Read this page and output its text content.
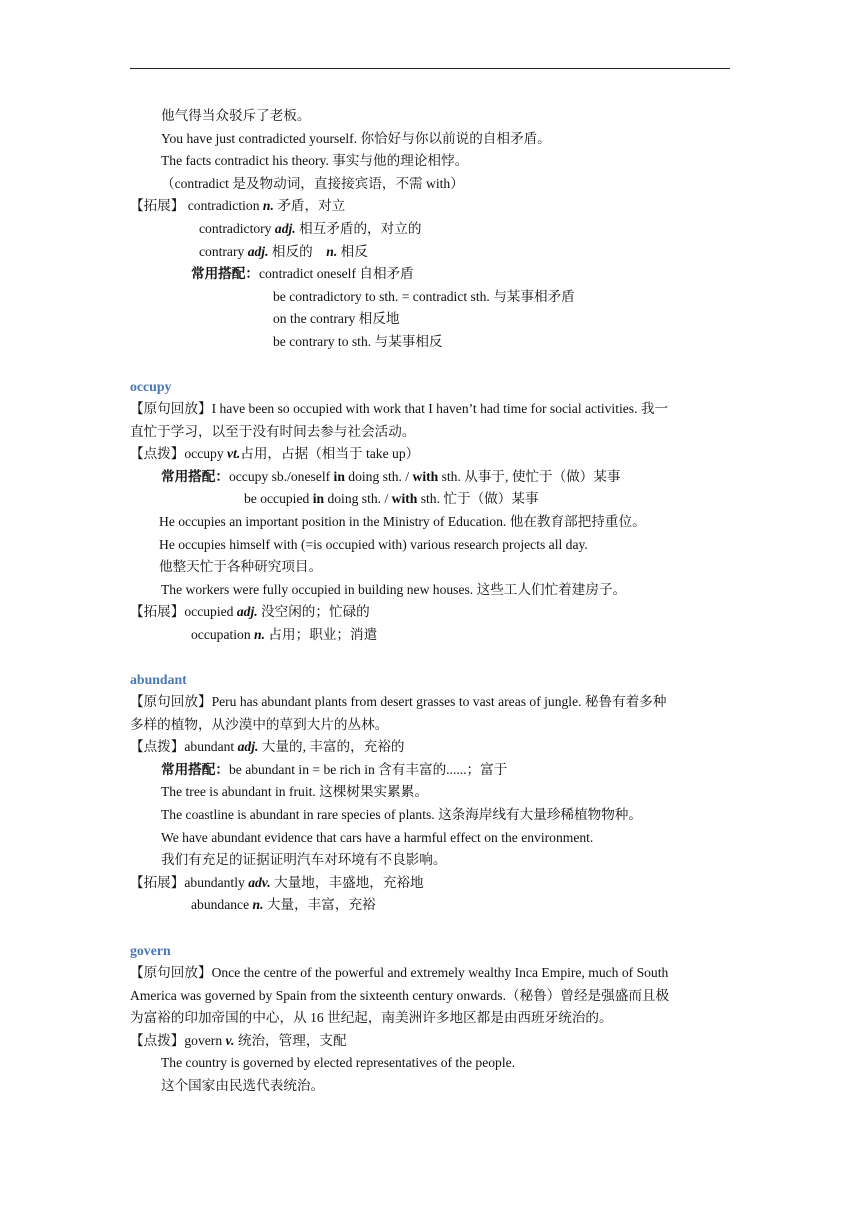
他气得当众驳斥了老板。
You have just contradicted yourself. 你恰好与你以前说的自相矛盾。
The facts contradict his theory. 事实与他的理论相悖。
（contradict 是及物动词，直接接宾语，不需 with）
【拓展】 contradiction n. 矛盾，对立
contradictory adj. 相互矛盾的，对立的
contrary adj. 相反的 n. 相反
常用搭配：contradict oneself 自相矛盾
be contradictory to sth. = contradict sth. 与某事相矛盾
on the contrary 相反地
be contrary to sth. 与某事相反
occupy
【原句回放】I have been so occupied with work that I haven’t had time for social activities. 我一
直忙于学习，以至于没有时间去参与社会活动。
【点拨】occupy vt.占用，占据（相当于 take up）
常用搭配：occupy sb./oneself in doing sth. / with sth. 从事于, 使忙于（做）某事
be occupied in doing sth. / with sth. 忙于（做）某事
He occupies an important position in the Ministry of Education. 他在教育部把持重位。
He occupies himself with (=is occupied with) various research projects all day.
他整天忙于各种研究项目。
The workers were fully occupied in building new houses. 这些工人们忙着建房子。
【拓展】occupied adj. 没空闲的；忙碌的
occupation n. 占用；职业；消遣
abundant
【原句回放】Peru has abundant plants from desert grasses to vast areas of jungle. 秘鲁有着多种
多样的植物，从沙漠中的草到大片的丛林。
【点拨】abundant adj. 大量的, 丰富的，充裕的
常用搭配：be abundant in = be rich in 含有丰富的......；富于
The tree is abundant in fruit. 这棵树果实累累。
The coastline is abundant in rare species of plants. 这条海岸线有大量珍稀植物物种。
We have abundant evidence that cars have a harmful effect on the environment.
我们有充足的证据证明汽车对环境有不良影响。
【拓展】abundantly adv. 大量地，丰盛地，充裕地
abundance n. 大量，丰富，充裕
govern
【原句回放】Once the centre of the powerful and extremely wealthy Inca Empire, much of South
America was governed by Spain from the sixteenth century onwards.（秘鲁）曾经是强盛而且极
为富裕的印加帝国的中心，从 16 世纪起，南美洲许多地区都是由西班牙统治的。
【点拨】govern v. 统治，管理，支配
The country is governed by elected representatives of the people.
这个国家由民选代表统治。
